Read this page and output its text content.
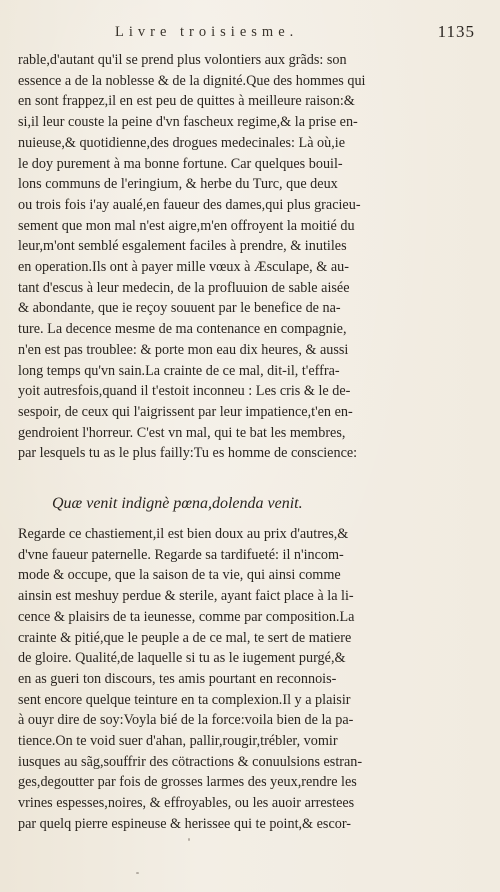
Livre troisiesme.	1135
rable,d'autant qu'il se prend plus volontiers aux grãds: son
essence a de la noblesse & de la dignité.Que des hommes qui
en sont frappez,il en est peu de quittes à meilleure raison:&
si,il leur couste la peine d'vn fascheux regime,& la prise en-
nuieuse,& quotidienne,des drogues medecinales: Là où,ie
le doy purement à ma bonne fortune. Car quelques bouil-
lons communs de l'eringium, & herbe du Turc, que deux
ou trois fois i'ay aualé,en faueur des dames,qui plus gracieu-
sement que mon mal n'est aigre,m'en offroyent la moitié du
leur,m'ont semblé esgalement faciles à prendre, & inutiles
en operation.Ils ont à payer mille vœux à Æsculape, & au-
tant d'escus à leur medecin, de la profluuion de sable aisée
& abondante, que ie reçoy souuent par le benefice de na-
ture. La decence mesme de ma contenance en compagnie,
n'en est pas troublee: & porte mon eau dix heures, & aussi
long temps qu'vn sain.La crainte de ce mal, dit-il, t'effra-
yoit autresfois,quand il t'estoit inconneu : Les cris & le de-
sespoir, de ceux qui l'aigrissent par leur impatience,t'en en-
gendroient l'horreur. C'est vn mal, qui te bat les membres,
par lesquels tu as le plus failly:Tu es homme de conscience:
Quæ venit indignè pœna,dolenda venit.
Regarde ce chastiement,il est bien doux au prix d'autres,&
d'vne faueur paternelle. Regarde sa tardifueté: il n'incom-
mode & occupe, que la saison de ta vie, qui ainsi comme
ainsin est meshuy perdue & sterile, ayant faict place à la li-
cence & plaisirs de ta ieunesse, comme par composition.La
crainte & pitié,que le peuple a de ce mal, te sert de matiere
de gloire. Qualité,de laquelle si tu as le iugement purgé,&
en as gueri ton discours, tes amis pourtant en reconnois-
sent encore quelque teinture en ta complexion.Il y a plaisir
à ouyr dire de soy:Voyla bié de la force:voila bien de la pa-
tience.On te void suer d'ahan, pallir,rougir,trébler, vomir
iusques au sãg,souffrir des cötractions & conuulsions estran-
ges,degoutter par fois de grosses larmes des yeux,rendre les
vrines espesses,noires, & effroyables, ou les auoir arrestees
par quelq pierre espineuse & herissee qui te point,& escor-
